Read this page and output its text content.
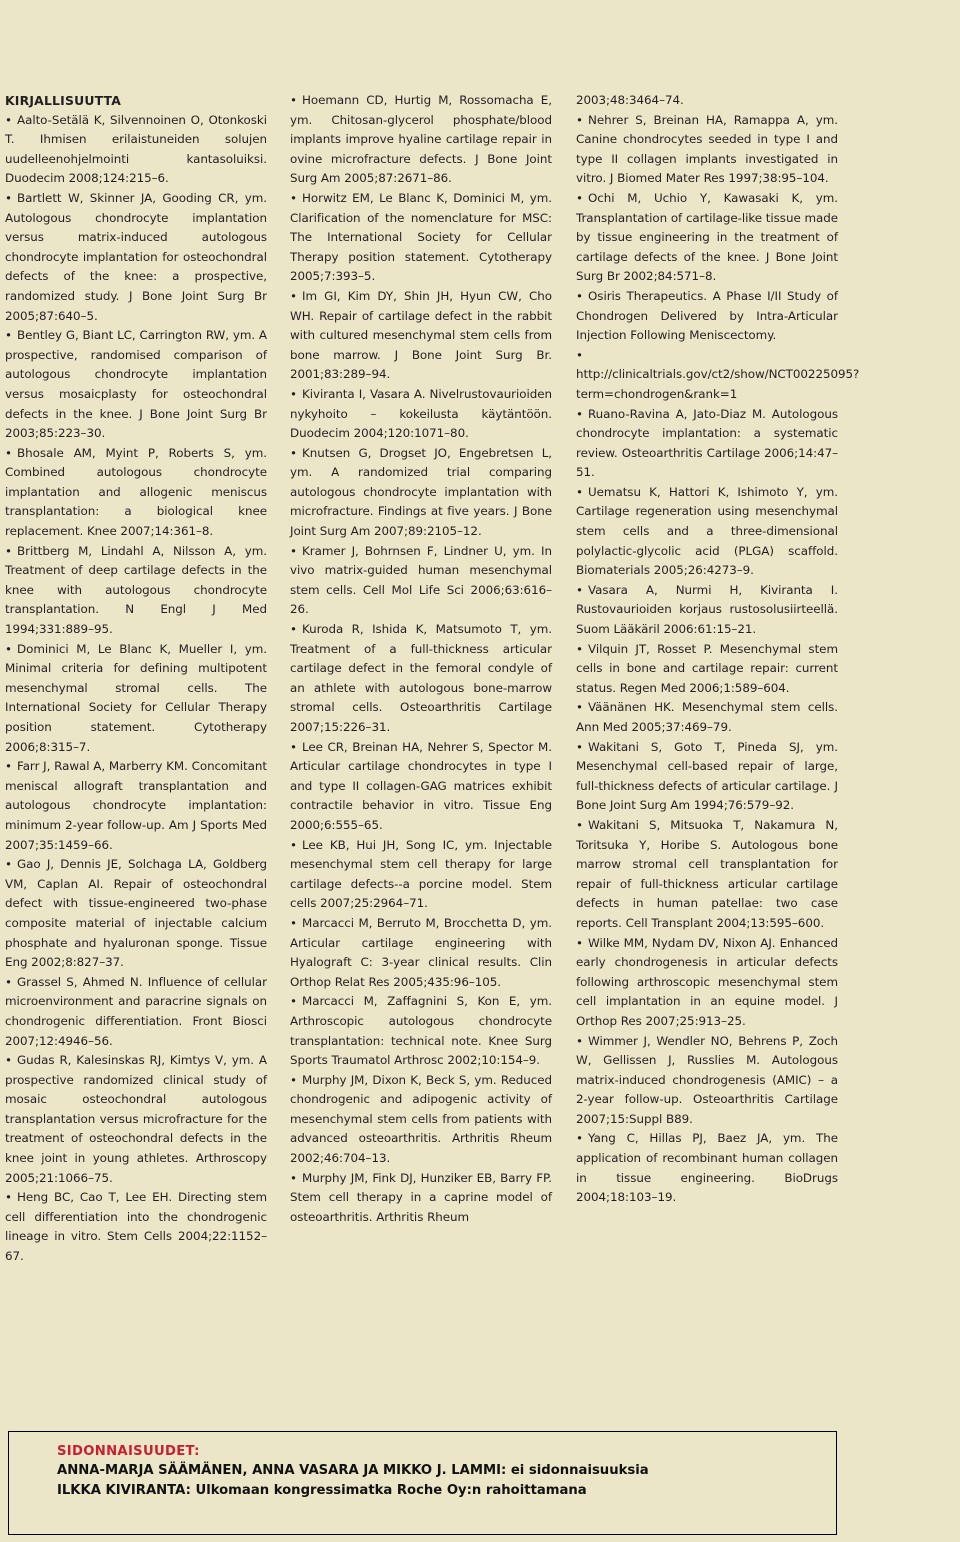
KIRJALLISUUTTA

• Aalto-Setälä K, Silvennoinen O, Otonkoski T. Ihmisen erilaistuneiden solujen uudelleenohjelmointi kantasoluiksi. Duodecim 2008;124:215–6.

• Bartlett W, Skinner JA, Gooding CR, ym. Autologous chondrocyte implantation versus matrix-induced autologous chondrocyte implantation for osteochondral defects of the knee: a prospective, randomized study. J Bone Joint Surg Br 2005;87:640–5.

• Bentley G, Biant LC, Carrington RW, ym. A prospective, randomised comparison of autologous chondrocyte implantation versus mosaicplasty for osteochondral defects in the knee. J Bone Joint Surg Br 2003;85:223–30.

• Bhosale AM, Myint P, Roberts S, ym. Combined autologous chondrocyte implantation and allogenic meniscus transplantation: a biological knee replacement. Knee 2007;14:361–8.

• Brittberg M, Lindahl A, Nilsson A, ym. Treatment of deep cartilage defects in the knee with autologous chondrocyte transplantation. N Engl J Med 1994;331:889–95.

• Dominici M, Le Blanc K, Mueller I, ym. Minimal criteria for defining multipotent mesenchymal stromal cells. The International Society for Cellular Therapy position statement. Cytotherapy 2006;8:315–7.

• Farr J, Rawal A, Marberry KM. Concomitant meniscal allograft transplantation and autologous chondrocyte implantation: minimum 2-year follow-up. Am J Sports Med 2007;35:1459–66.

• Gao J, Dennis JE, Solchaga LA, Goldberg VM, Caplan AI. Repair of osteochondral defect with tissue-engineered two-phase composite material of injectable calcium phosphate and hyaluronan sponge. Tissue Eng 2002;8:827–37.

• Grassel S, Ahmed N. Influence of cellular microenvironment and paracrine signals on chondrogenic differentiation. Front Biosci 2007;12:4946–56.

• Gudas R, Kalesinskas RJ, Kimtys V, ym. A prospective randomized clinical study of mosaic osteochondral autologous transplantation versus microfracture for the treatment of osteochondral defects in the knee joint in young athletes. Arthroscopy 2005;21:1066–75.

• Heng BC, Cao T, Lee EH. Directing stem cell differentiation into the chondrogenic lineage in vitro. Stem Cells 2004;22:1152–67.

• Hoemann CD, Hurtig M, Rossomacha E, ym. Chitosan-glycerol phosphate/blood implants improve hyaline cartilage repair in ovine microfracture defects. J Bone Joint Surg Am 2005;87:2671–86.

• Horwitz EM, Le Blanc K, Dominici M, ym. Clarification of the nomenclature for MSC: The International Society for Cellular Therapy position statement. Cytotherapy 2005;7:393–5.

• Im GI, Kim DY, Shin JH, Hyun CW, Cho WH. Repair of cartilage defect in the rabbit with cultured mesenchymal stem cells from bone marrow. J Bone Joint Surg Br. 2001;83:289–94.

• Kiviranta I, Vasara A. Nivelrustovaurioiden nykyhoito – kokeilusta käytäntöön. Duodecim 2004;120:1071–80.

• Knutsen G, Drogset JO, Engebretsen L, ym. A randomized trial comparing autologous chondrocyte implantation with microfracture. Findings at five years. J Bone Joint Surg Am 2007;89:2105–12.

• Kramer J, Bohrnsen F, Lindner U, ym. In vivo matrix-guided human mesenchymal stem cells. Cell Mol Life Sci 2006;63:616–26.

• Kuroda R, Ishida K, Matsumoto T, ym. Treatment of a full-thickness articular cartilage defect in the femoral condyle of an athlete with autologous bone-marrow stromal cells. Osteoarthritis Cartilage 2007;15:226–31.

• Lee CR, Breinan HA, Nehrer S, Spector M. Articular cartilage chondrocytes in type I and type II collagen-GAG matrices exhibit contractile behavior in vitro. Tissue Eng 2000;6:555–65.

• Lee KB, Hui JH, Song IC, ym. Injectable mesenchymal stem cell therapy for large cartilage defects--a porcine model. Stem cells 2007;25:2964–71.

• Marcacci M, Berruto M, Brocchetta D, ym. Articular cartilage engineering with Hyalograft C: 3-year clinical results. Clin Orthop Relat Res 2005;435:96–105.

• Marcacci M, Zaffagnini S, Kon E, ym. Arthroscopic autologous chondrocyte transplantation: technical note. Knee Surg Sports Traumatol Arthrosc 2002;10:154–9.

• Murphy JM, Dixon K, Beck S, ym. Reduced chondrogenic and adipogenic activity of mesenchymal stem cells from patients with advanced osteoarthritis. Arthritis Rheum 2002;46:704–13.

• Murphy JM, Fink DJ, Hunziker EB, Barry FP. Stem cell therapy in a caprine model of osteoarthritis. Arthritis Rheum

2003;48:3464–74.

• Nehrer S, Breinan HA, Ramappa A, ym. Canine chondrocytes seeded in type I and type II collagen implants investigated in vitro. J Biomed Mater Res 1997;38:95–104.

• Ochi M, Uchio Y, Kawasaki K, ym. Transplantation of cartilage-like tissue made by tissue engineering in the treatment of cartilage defects of the knee. J Bone Joint Surg Br 2002;84:571–8.

• Osiris Therapeutics. A Phase I/II Study of Chondrogen Delivered by Intra-Articular Injection Following Meniscectomy.

•http://clinicaltrials.gov/ct2/show/NCT00225095?term=chondrogen&rank=1

• Ruano-Ravina A, Jato-Diaz M. Autologous chondrocyte implantation: a systematic review. Osteoarthritis Cartilage 2006;14:47–51.

• Uematsu K, Hattori K, Ishimoto Y, ym. Cartilage regeneration using mesenchymal stem cells and a three-dimensional polylactic-glycolic acid (PLGA) scaffold. Biomaterials 2005;26:4273–9.

• Vasara A, Nurmi H, Kiviranta I. Rustovaurioiden korjaus rustosolusiirteellä. Suom Lääkäril 2006:61:15–21.

• Vilquin JT, Rosset P. Mesenchymal stem cells in bone and cartilage repair: current status. Regen Med 2006;1:589–604.

• Väänänen HK. Mesenchymal stem cells. Ann Med 2005;37:469–79.

• Wakitani S, Goto T, Pineda SJ, ym. Mesenchymal cell-based repair of large, full-thickness defects of articular cartilage. J Bone Joint Surg Am 1994;76:579–92.

• Wakitani S, Mitsuoka T, Nakamura N, Toritsuka Y, Horibe S. Autologous bone marrow stromal cell transplantation for repair of full-thickness articular cartilage defects in human patellae: two case reports. Cell Transplant 2004;13:595–600.

• Wilke MM, Nydam DV, Nixon AJ. Enhanced early chondrogenesis in articular defects following arthroscopic mesenchymal stem cell implantation in an equine model. J Orthop Res 2007;25:913–25.

• Wimmer J, Wendler NO, Behrens P, Zoch W, Gellissen J, Russlies M. Autologous matrix-induced chondrogenesis (AMIC) – a 2-year follow-up. Osteoarthritis Cartilage 2007;15:Suppl B89.

• Yang C, Hillas PJ, Baez JA, ym. The application of recombinant human collagen in tissue engineering. BioDrugs 2004;18:103–19.

SIDONNAISUUDET:
ANNA-MARJA SÄÄMÄNEN, ANNA VASARA JA MIKKO J. LAMMI: ei sidonnaisuuksia
ILKKA KIVIRANTA: Ulkomaan kongressimatka Roche Oy:n rahoittamana
